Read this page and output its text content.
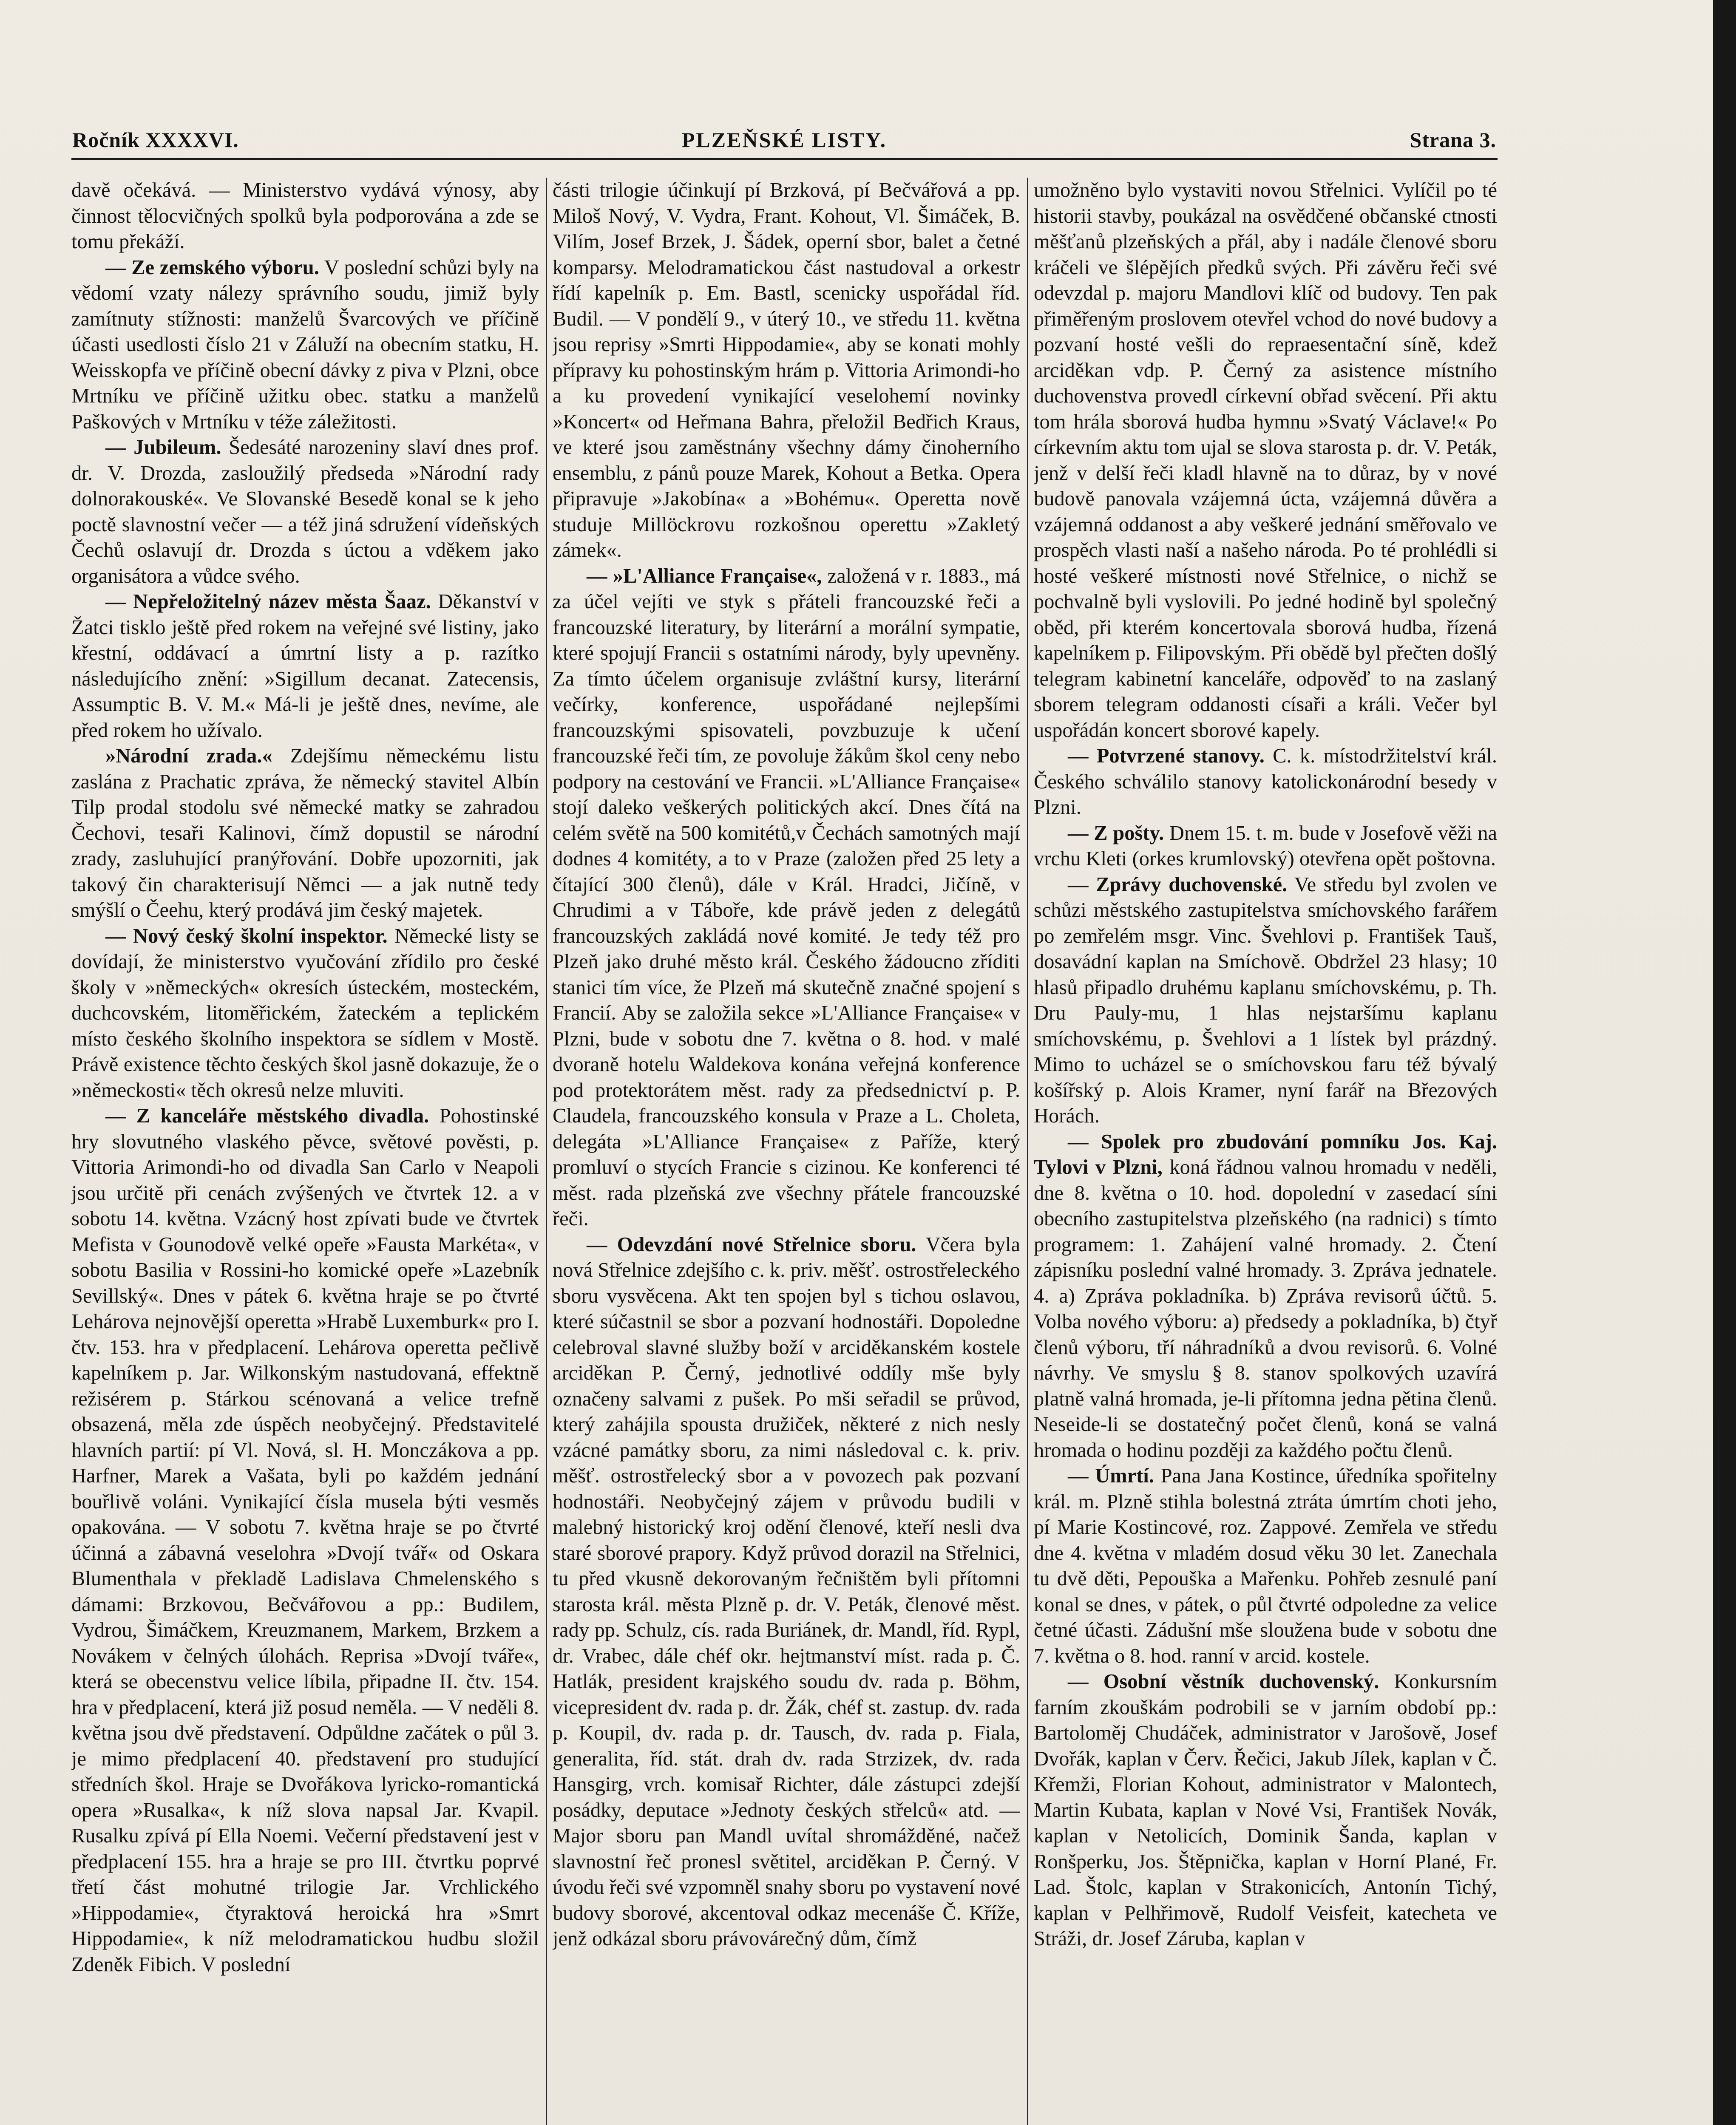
Ročník XXXXVI.	PLZEŇSKÉ LISTY.	Strana 3.

davě očekává. — Ministerstvo vydává výnosy, aby činnost tělocvičných spolků byla podporována a zde se tomu překáží.

— Ze zemského výboru. V poslední schůzi byly na vědomí vzaty nálezy správního soudu, jimiž byly zamítnuty stížnosti: manželů Švarcových ve příčině účasti usedlosti číslo 21 v Záluží na obecním statku, H. Weisskopfa ve příčině obecní dávky z piva v Plzni, obce Mrtníku ve příčině užitku obec. statku a manželů Paškových v Mrtníku v téže záležitosti.

— Jubileum. Šedesáté narozeniny slaví dnes prof. dr. V. Drozda, zasloužilý předseda »Národní rady dolnorakouské«. Ve Slovanské Besedě konal se k jeho poctě slavnostní večer — a též jiná sdružení vídeňských Čechů oslavují dr. Drozda s úctou a vděkem jako organisátora a vůdce svého.

— Nepřeložitelný název města Šaaz. Děkanství v Žatci tisklo ještě před rokem na veřejné své listiny, jako křestní, oddávací a úmrtní listy a p. razítko následujícího znění: »Sigillum decanat. Zatecensis, Assumptic B. V. M.« Má-li je ještě dnes, nevíme, ale před rokem ho užívalo.

»Národní zrada.« Zdejšímu německému listu zaslána z Prachatic zpráva, že německý stavitel Albín Tilp prodal stodolu své německé matky se zahradou Čechovi, tesaři Kalinovi, čímž dopustil se národní zrady, zasluhující pranýřování. Dobře upozorniti, jak takový čin charakterisují Němci — a jak nutně tedy smýšlí o Čeehu, který prodává jim český majetek.

— Nový český školní inspektor. Německé listy se dovídají, že ministerstvo vyučování zřídilo pro české školy v »německých« okresích ústeckém, mosteckém, duchcovském, litoměřickém, žateckém a teplickém místo českého školního inspektora se sídlem v Mostě. Právě existence těchto českých škol jasně dokazuje, že o »německosti« těch okresů nelze mluviti.

— Z kanceláře městského divadla. Pohostinské hry slovutného vlaského pěvce, světové pověsti, p. Vittoria Arimondi-ho od divadla San Carlo v Neapoli jsou určitě při cenách zvýšených ve čtvrtek 12. a v sobotu 14. května. Vzácný host zpívati bude ve čtvrtek Mefista v Gounodově velké opeře »Fausta Markéta«, v sobotu Basilia v Rossini-ho komické opeře »Lazebník Sevillský«. Dnes v pátek 6. května hraje se po čtvrté Lehárova nejnovější operetta »Hrabě Luxemburk« pro I. čtv. 153. hra v předplacení. Lehárova operetta pečlivě kapelníkem p. Jar. Wilkonským nastudovaná, effektně režisérem p. Stárkou scénovaná a velice trefně obsazená, měla zde úspěch neobyčejný. Představitelé hlavních partií: pí Vl. Nová, sl. H. Monczákova a pp. Harfner, Marek a Vašata, byli po každém jednání bouřlivě voláni. Vynikající čísla musela býti vesměs opakována. — V sobotu 7. května hraje se po čtvrté účinná a zábavná veselohra »Dvojí tvář« od Oskara Blumenthala v překladě Ladislava Chmelenského s dámami: Brzkovou, Bečvářovou a pp.: Budilem, Vydrou, Šimáčkem, Kreuzmanem, Markem, Brzkem a Novákem v čelných úlohách. Reprisa »Dvojí tváře«, která se obecenstvu velice líbila, připadne II. čtv. 154. hra v předplacení, která již posud neměla. — V neděli 8. května jsou dvě představení. Odpůldne začátek o půl 3. je mimo předplacení 40. představení pro studující středních škol. Hraje se Dvořákova lyricko-romantická opera »Rusalka«, k níž slova napsal Jar. Kvapil. Rusalku zpívá pí Ella Noemi. Večerní představení jest v předplacení 155. hra a hraje se pro III. čtvrtku poprvé třetí část mohutné trilogie Jar. Vrchlického »Hippodamie«, čtyraktová heroická hra »Smrt Hippodamie«, k níž melodramatickou hudbu složil Zdeněk Fibich. V poslední

části trilogie účinkují pí Brzková, pí Bečvářová a pp. Miloš Nový, V. Vydra, Frant. Kohout, Vl. Šimáček, B. Vilím, Josef Brzek, J. Šádek, operní sbor, balet a četné komparsy. Melodramatickou část nastudoval a orkestr řídí kapelník p. Em. Bastl, scenicky uspořádal říd. Budil. — V pondělí 9., v úterý 10., ve středu 11. května jsou reprisy »Smrti Hippodamie«, aby se konati mohly přípravy ku pohostinským hrám p. Vittoria Arimondi-ho a ku provedení vynikající veselohemí novinky »Koncert« od Heřmana Bahra, přeložil Bedřich Kraus, ve které jsou zaměstnány všechny dámy činoherního ensemblu, z pánů pouze Marek, Kohout a Betka. Opera připravuje »Jakobína« a »Bohému«. Operetta nově studuje Millöckrovu rozkošnou operettu »Zakletý zámek«.

— »L'Alliance Française«, založená v r. 1883., má za účel vejíti ve styk s přáteli francouzské řeči a francouzské literatury, by literární a morální sympatie, které spojují Francii s ostatními národy, byly upevněny. Za tímto účelem organisuje zvláštní kursy, literární večírky, konference, uspořádané nejlepšími francouzskými spisovateli, povzbuzuje k učení francouzské řeči tím, ze povoluje žákům škol ceny nebo podpory na cestování ve Francii. »L'Alliance Française« stojí daleko veškerých politických akcí. Dnes čítá na celém světě na 500 komitétů,v Čechách samotných mají dodnes 4 komitéty, a to v Praze (založen před 25 lety a čítající 300 členů), dále v Král. Hradci, Jičíně, v Chrudimi a v Táboře, kde právě jeden z delegátů francouzských zakládá nové komité. Je tedy též pro Plzeň jako druhé město král. Českého žádoucno zříditi stanici tím více, že Plzeň má skutečně značné spojení s Francií. Aby se založila sekce »L'Alliance Française« v Plzni, bude v sobotu dne 7. května o 8. hod. v malé dvoraně hotelu Waldekova konána veřejná konference pod protektorátem měst. rady za předsednictví p. P. Claudela, francouzského konsula v Praze a L. Choleta, delegáta »L'Alliance Française« z Paříže, který promluví o stycích Francie s cizinou. Ke konferenci té měst. rada plzeňská zve všechny přátele francouzské řeči.

— Odevzdání nové Střelnice sboru. Včera byla nová Střelnice zdejšího c. k. priv. měšť. ostrostřeleckého sboru vysvěcena. Akt ten spojen byl s tichou oslavou, které súčastnil se sbor a pozvaní hodnostáři. Dopoledne celebroval slavné služby boží v arciděkanském kostele arciděkan P. Černý, jednotlivé oddíly mše byly označeny salvami z pušek. Po mši seřadil se průvod, který zahájila spousta družiček, některé z nich nesly vzácné památky sboru, za nimi následoval c. k. priv. měšť. ostrostřelecký sbor a v povozech pak pozvaní hodnostáři. Neobyčejný zájem v průvodu budili v malebný historický kroj odění členové, kteří nesli dva staré sborové prapory. Když průvod dorazil na Střelnici, tu před vkusně dekorovaným řečništěm byli přítomni starosta král. města Plzně p. dr. V. Peták, členové měst. rady pp. Schulz, cís. rada Buriánek, dr. Mandl, říd. Rypl, dr. Vrabec, dále chéf okr. hejtmanství míst. rada p. Č. Hatlák, president krajského soudu dv. rada p. Böhm, vicepresident dv. rada p. dr. Žák, chéf st. zastup. dv. rada p. Koupil, dv. rada p. dr. Tausch, dv. rada p. Fiala, generalita, říd. stát. drah dv. rada Strzizek, dv. rada Hansgirg, vrch. komisař Richter, dále zástupci zdejší posádky, deputace »Jednoty českých střelců« atd. — Major sboru pan Mandl uvítal shromážděné, načež slavnostní řeč pronesl světitel, arciděkan P. Černý. V úvodu řeči své vzpomněl snahy sboru po vystavení nové budovy sborové, akcentoval odkaz mecenáše Č. Kříže, jenž odkázal sboru právovárečný dům, čímž

umožněno bylo vystaviti novou Střelnici. Vylíčil po té historii stavby, poukázal na osvědčené občanské ctnosti měšťanů plzeňských a přál, aby i nadále členové sboru kráčeli ve šlépějích předků svých. Při závěru řeči své odevzdal p. majoru Mandlovi klíč od budovy. Ten pak přiměřeným proslovem otevřel vchod do nové budovy a pozvaní hosté vešli do repraesentační síně, kdež arciděkan vdp. P. Černý za asistence místního duchovenstva provedl církevní obřad svěcení. Při aktu tom hrála sborová hudba hymnu »Svatý Václave!« Po církevním aktu tom ujal se slova starosta p. dr. V. Peták, jenž v delší řeči kladl hlavně na to důraz, by v nové budově panovala vzájemná úcta, vzájemná důvěra a vzájemná oddanost a aby veškeré jednání směřovalo ve prospěch vlasti naší a našeho národa. Po té prohlédli si hosté veškeré místnosti nové Střelnice, o nichž se pochvalně byli vyslovili. Po jedné hodině byl společný oběd, při kterém koncertovala sborová hudba, řízená kapelníkem p. Filipovským. Při obědě byl přečten došlý telegram kabinetní kanceláře, odpověď to na zaslaný sborem telegram oddanosti císaři a králi. Večer byl uspořádán koncert sborové kapely.

— Potvrzené stanovy. C. k. místodržitelství král. Českého schválilo stanovy katolickonárodní besedy v Plzni.

— Z pošty. Dnem 15. t. m. bude v Josefově věži na vrchu Kleti (orkes krumlovský) otevřena opět poštovna.

— Zprávy duchovenské. Ve středu byl zvolen ve schůzi městského zastupitelstva smíchovského farářem po zemřelém msgr. Vinc. Švehlovi p. František Tauš, dosavádní kaplan na Smíchově. Obdržel 23 hlasy; 10 hlasů připadlo druhému kaplanu smíchovskému, p. Th. Dru Pauly-mu, 1 hlas nejstaršímu kaplanu smíchovskému, p. Švehlovi a 1 lístek byl prázdný. Mimo to ucházel se o smíchovskou faru též bývalý košířský p. Alois Kramer, nyní farář na Březových Horách.

— Spolek pro zbudování pomníku Jos. Kaj. Tylovi v Plzni, koná řádnou valnou hromadu v neděli, dne 8. května o 10. hod. dopolední v zasedací síni obecního zastupitelstva plzeňského (na radnici) s tímto programem: 1. Zahájení valné hromady. 2. Čtení zápisníku poslední valné hromady. 3. Zpráva jednatele. 4. a) Zpráva pokladníka. b) Zpráva revisorů účtů. 5. Volba nového výboru: a) předsedy a pokladníka, b) čtyř členů výboru, tří náhradníků a dvou revisorů. 6. Volné návrhy. Ve smyslu § 8. stanov spolkových uzavírá platně valná hromada, je-li přítomna jedna pětina členů. Neseide-li se dostatečný počet členů, koná se valná hromada o hodinu později za každého počtu členů.

— Úmrtí. Pana Jana Kostince, úředníka spořitelny král. m. Plzně stihla bolestná ztráta úmrtím choti jeho, pí Marie Kostincové, roz. Zappové. Zemřela ve středu dne 4. května v mladém dosud věku 30 let. Zanechala tu dvě děti, Pepouška a Mařenku. Pohřeb zesnulé paní konal se dnes, v pátek, o půl čtvrté odpoledne za velice četné účasti. Zádušní mše slouženа bude v sobotu dne 7. května o 8. hod. ranní v arcid. kostele.

— Osobní věstník duchovenský. Konkursním farním zkouškám podrobili se v jarním období pp.: Bartoloměj Chudáček, administrator v Jarošově, Josef Dvořák, kaplan v Červ. Řečici, Jakub Jílek, kaplan v Č. Křemži, Florian Kohout, administrator v Malontech, Martin Kubata, kaplan v Nové Vsi, František Novák, kaplan v Netolicích, Dominik Šanda, kaplan v Ronšperku, Jos. Štěpnička, kaplan v Horní Plané, Fr. Lad. Štolc, kaplan v Strakonicích, Antonín Tichý, kaplan v Pelhřimově, Rudolf Veisfeit, katecheta ve Stráži, dr. Josef Záruba, kaplan v
